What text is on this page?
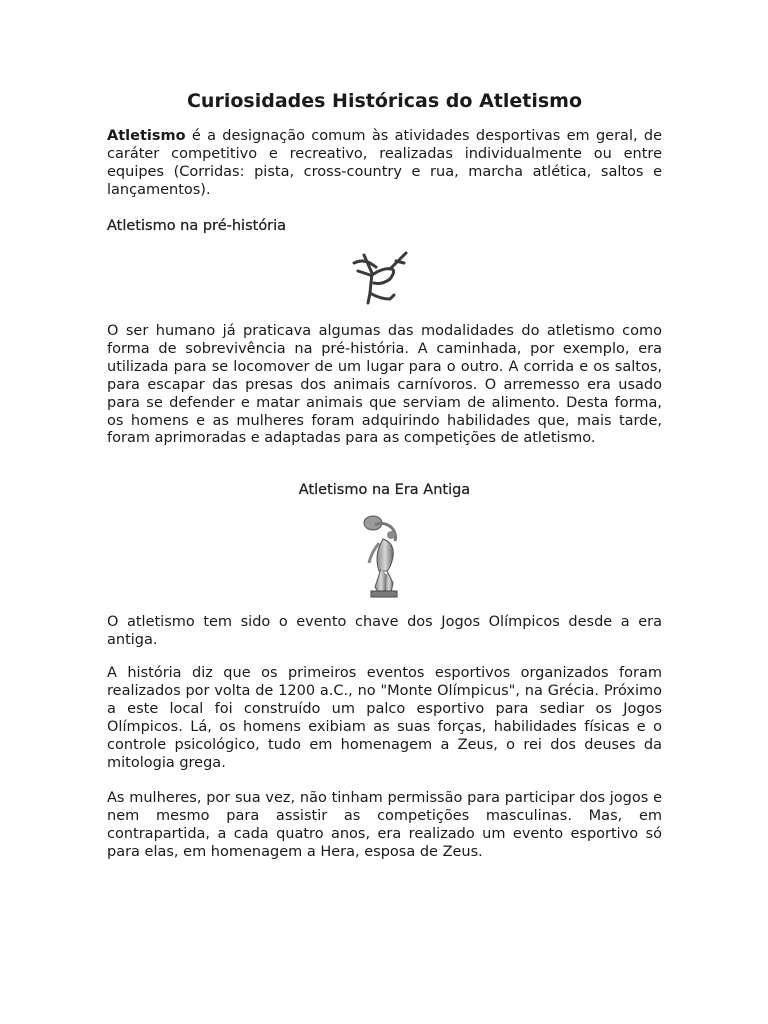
Curiosidades Históricas do Atletismo

Atletismo é a designação comum às atividades desportivas em geral, de caráter competitivo e recreativo, realizadas individualmente ou entre equipes (Corridas: pista, cross-country e rua, marcha atlética, saltos e lançamentos).

Atletismo na pré-história

O ser humano já praticava algumas das modalidades do atletismo como forma de sobrevivência na pré-história. A caminhada, por exemplo, era utilizada para se locomover de um lugar para o outro. A corrida e os saltos, para escapar das presas dos animais carnívoros. O arremesso era usado para se defender e matar animais que serviam de alimento. Desta forma, os homens e as mulheres foram adquirindo habilidades que, mais tarde, foram aprimoradas e adaptadas para as competições de atletismo.

Atletismo na Era Antiga

O atletismo tem sido o evento chave dos Jogos Olímpicos desde a era antiga.

A história diz que os primeiros eventos esportivos organizados foram realizados por volta de 1200 a.C., no "Monte Olímpicus", na Grécia. Próximo a este local foi construído um palco esportivo para sediar os Jogos Olímpicos. Lá, os homens exibiam as suas forças, habilidades físicas e o controle psicológico, tudo em homenagem a Zeus, o rei dos deuses da mitologia grega.

As mulheres, por sua vez, não tinham permissão para participar dos jogos e nem mesmo para assistir as competições masculinas. Mas, em contrapartida, a cada quatro anos, era realizado um evento esportivo só para elas, em homenagem a Hera, esposa de Zeus.
